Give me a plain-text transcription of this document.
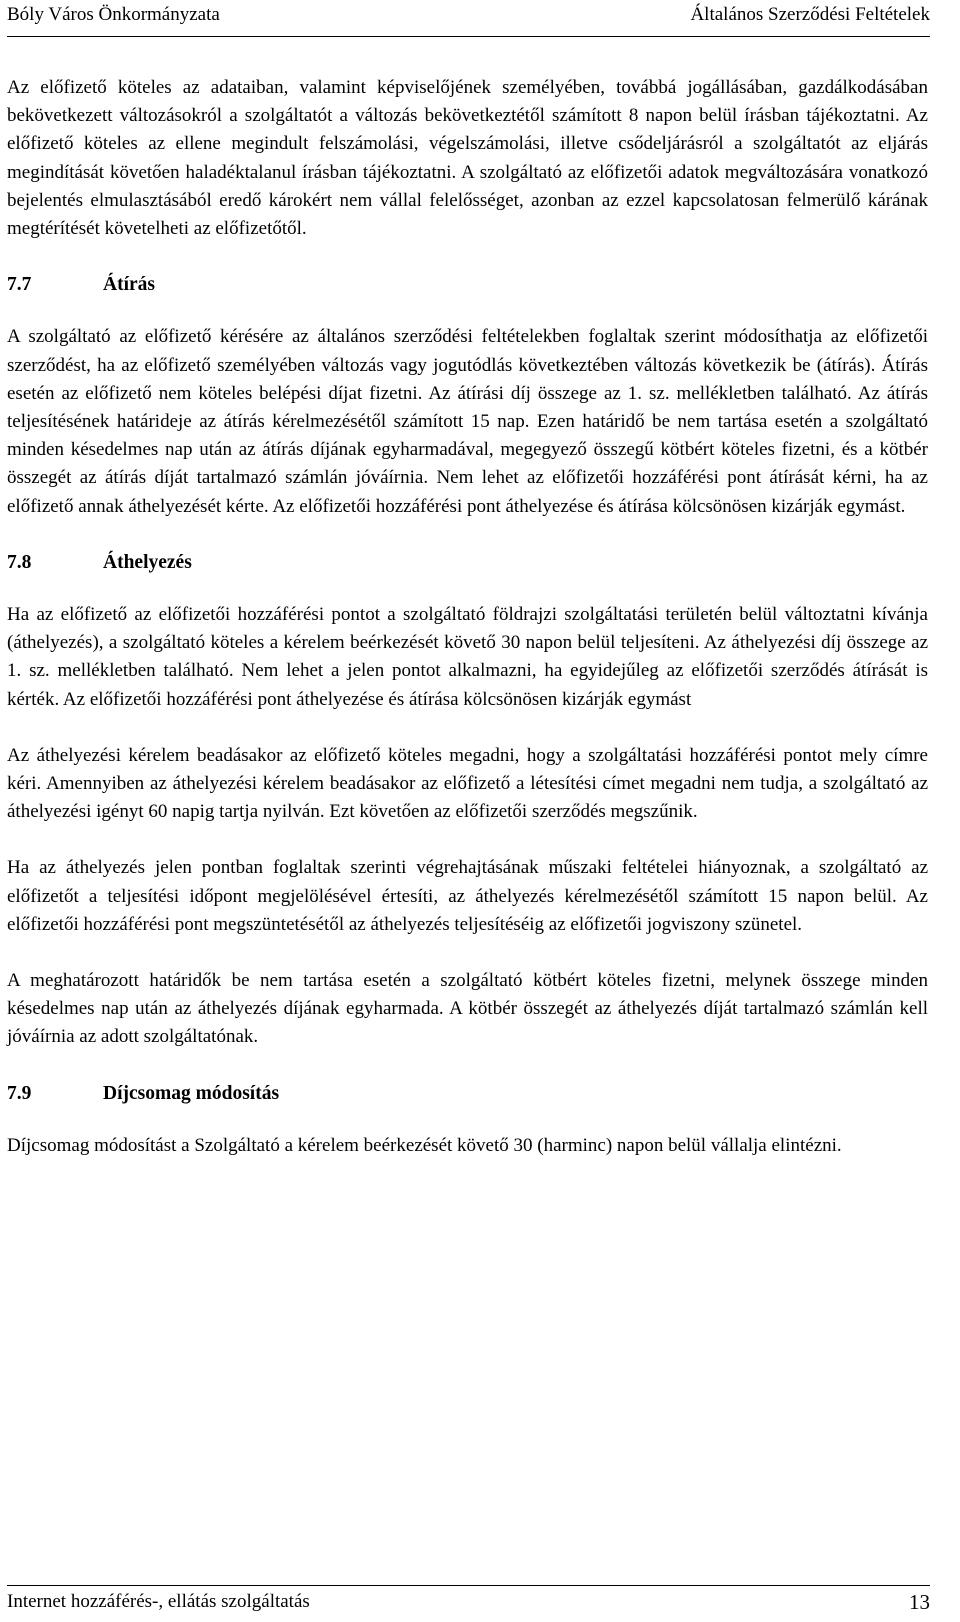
Bóly Város Önkormányzata	Általános Szerződési Feltételek

Az előfizető köteles az adataiban, valamint képviselőjének személyében, továbbá jogállásában, gazdálkodásában bekövetkezett változásokról a szolgáltatót a változás bekövetkeztétől számított 8 napon belül írásban tájékoztatni. Az előfizető köteles az ellene megindult felszámolási, végelszámolási, illetve csődeljárásról a szolgáltatót az eljárás megindítását követően haladéktalanul írásban tájékoztatni. A szolgáltató az előfizetői adatok megváltozására vonatkozó bejelentés elmulasztásából eredő károkért nem vállal felelősséget, azonban az ezzel kapcsolatosan felmerülő kárának megtérítését követelheti az előfizetőtől.

7.7	Átírás

A szolgáltató az előfizető kérésére az általános szerződési feltételekben foglaltak szerint módosíthatja az előfizetői szerződést, ha az előfizető személyében változás vagy jogutódlás következtében változás következik be (átírás). Átírás esetén az előfizető nem köteles belépési díjat fizetni. Az átírási díj összege az 1. sz. mellékletben található. Az átírás teljesítésének határideje az átírás kérelmezésétől számított 15 nap. Ezen határidő be nem tartása esetén a szolgáltató minden késedelmes nap után az átírás díjának egyharmadával, megegyező összegű kötbért köteles fizetni, és a kötbér összegét az átírás díját tartalmazó számlán jóváírnia. Nem lehet az előfizetői hozzáférési pont átírását kérni, ha az előfizető annak áthelyezését kérte. Az előfizetői hozzáférési pont áthelyezése és átírása kölcsönösen kizárják egymást.

7.8	Áthelyezés

Ha az előfizető az előfizetői hozzáférési pontot a szolgáltató földrajzi szolgáltatási területén belül változtatni kívánja (áthelyezés), a szolgáltató köteles a kérelem beérkezését követő 30 napon belül teljesíteni. Az áthelyezési díj összege az 1. sz. mellékletben található. Nem lehet a jelen pontot alkalmazni, ha egyidejűleg az előfizetői szerződés átírását is kérték. Az előfizetői hozzáférési pont áthelyezése és átírása kölcsönösen kizárják egymást

Az áthelyezési kérelem beadásakor az előfizető köteles megadni, hogy a szolgáltatási hozzáférési pontot mely címre kéri. Amennyiben az áthelyezési kérelem beadásakor az előfizető a létesítési címet megadni nem tudja, a szolgáltató az áthelyezési igényt 60 napig tartja nyilván. Ezt követően az előfizetői szerződés megszűnik.

Ha az áthelyezés jelen pontban foglaltak szerinti végrehajtásának műszaki feltételei hiányoznak, a szolgáltató az előfizetőt a teljesítési időpont megjelölésével értesíti, az áthelyezés kérelmezésétől számított 15 napon belül. Az előfizetői hozzáférési pont megszüntetésétől az áthelyezés teljesítéséig az előfizetői jogviszony szünetel.

A meghatározott határidők be nem tartása esetén a szolgáltató kötbért köteles fizetni, melynek összege minden késedelmes nap után az áthelyezés díjának egyharmada. A kötbér összegét az áthelyezés díját tartalmazó számlán kell jóváírnia az adott szolgáltatónak.

7.9	Díjcsomag módosítás

Díjcsomag módosítást a Szolgáltató a kérelem beérkezését követő 30 (harminc) napon belül vállalja elintézni.

Internet hozzáférés-, ellátás szolgáltatás	13
